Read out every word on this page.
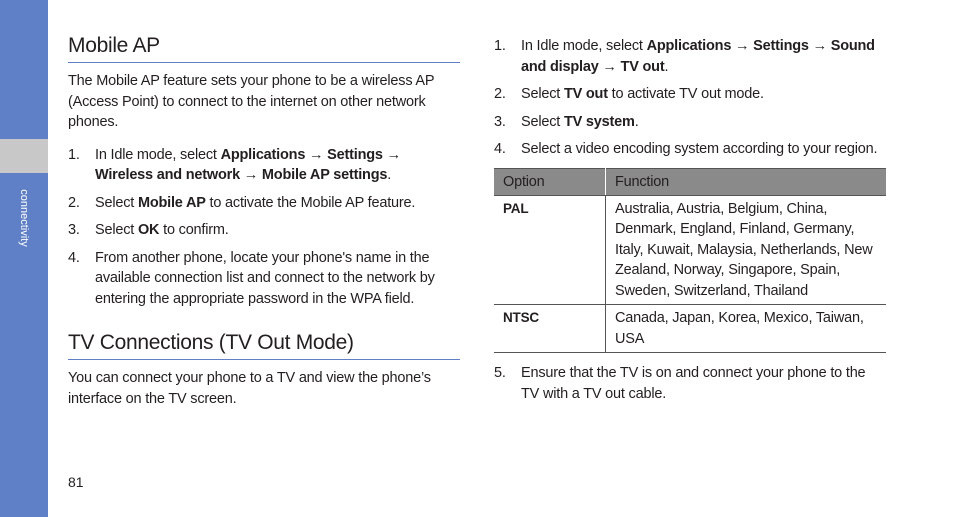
connectivity
Mobile AP

The Mobile AP feature sets your phone to be a wireless AP (Access Point) to connect to the internet on other network phones.

1. In Idle mode, select Applications → Settings → Wireless and network → Mobile AP settings.
2. Select Mobile AP to activate the Mobile AP feature.
3. Select OK to confirm.
4. From another phone, locate your phone's name in the available connection list and connect to the network by entering the appropriate password in the WPA field.
TV Connections (TV Out Mode)

You can connect your phone to a TV and view the phone’s interface on the TV screen.

1. In Idle mode, select Applications → Settings → Sound and display → TV out.
2. Select TV out to activate TV out mode.
3. Select TV system.
4. Select a video encoding system according to your region.
Option	Function
PAL	Australia, Austria, Belgium, China, Denmark, England, Finland, Germany, Italy, Kuwait, Malaysia, Netherlands, New Zealand, Norway, Singapore, Spain, Sweden, Switzerland, Thailand
NTSC	Canada, Japan, Korea, Mexico, Taiwan, USA
5. Ensure that the TV is on and connect your phone to the TV with a TV out cable.
81
